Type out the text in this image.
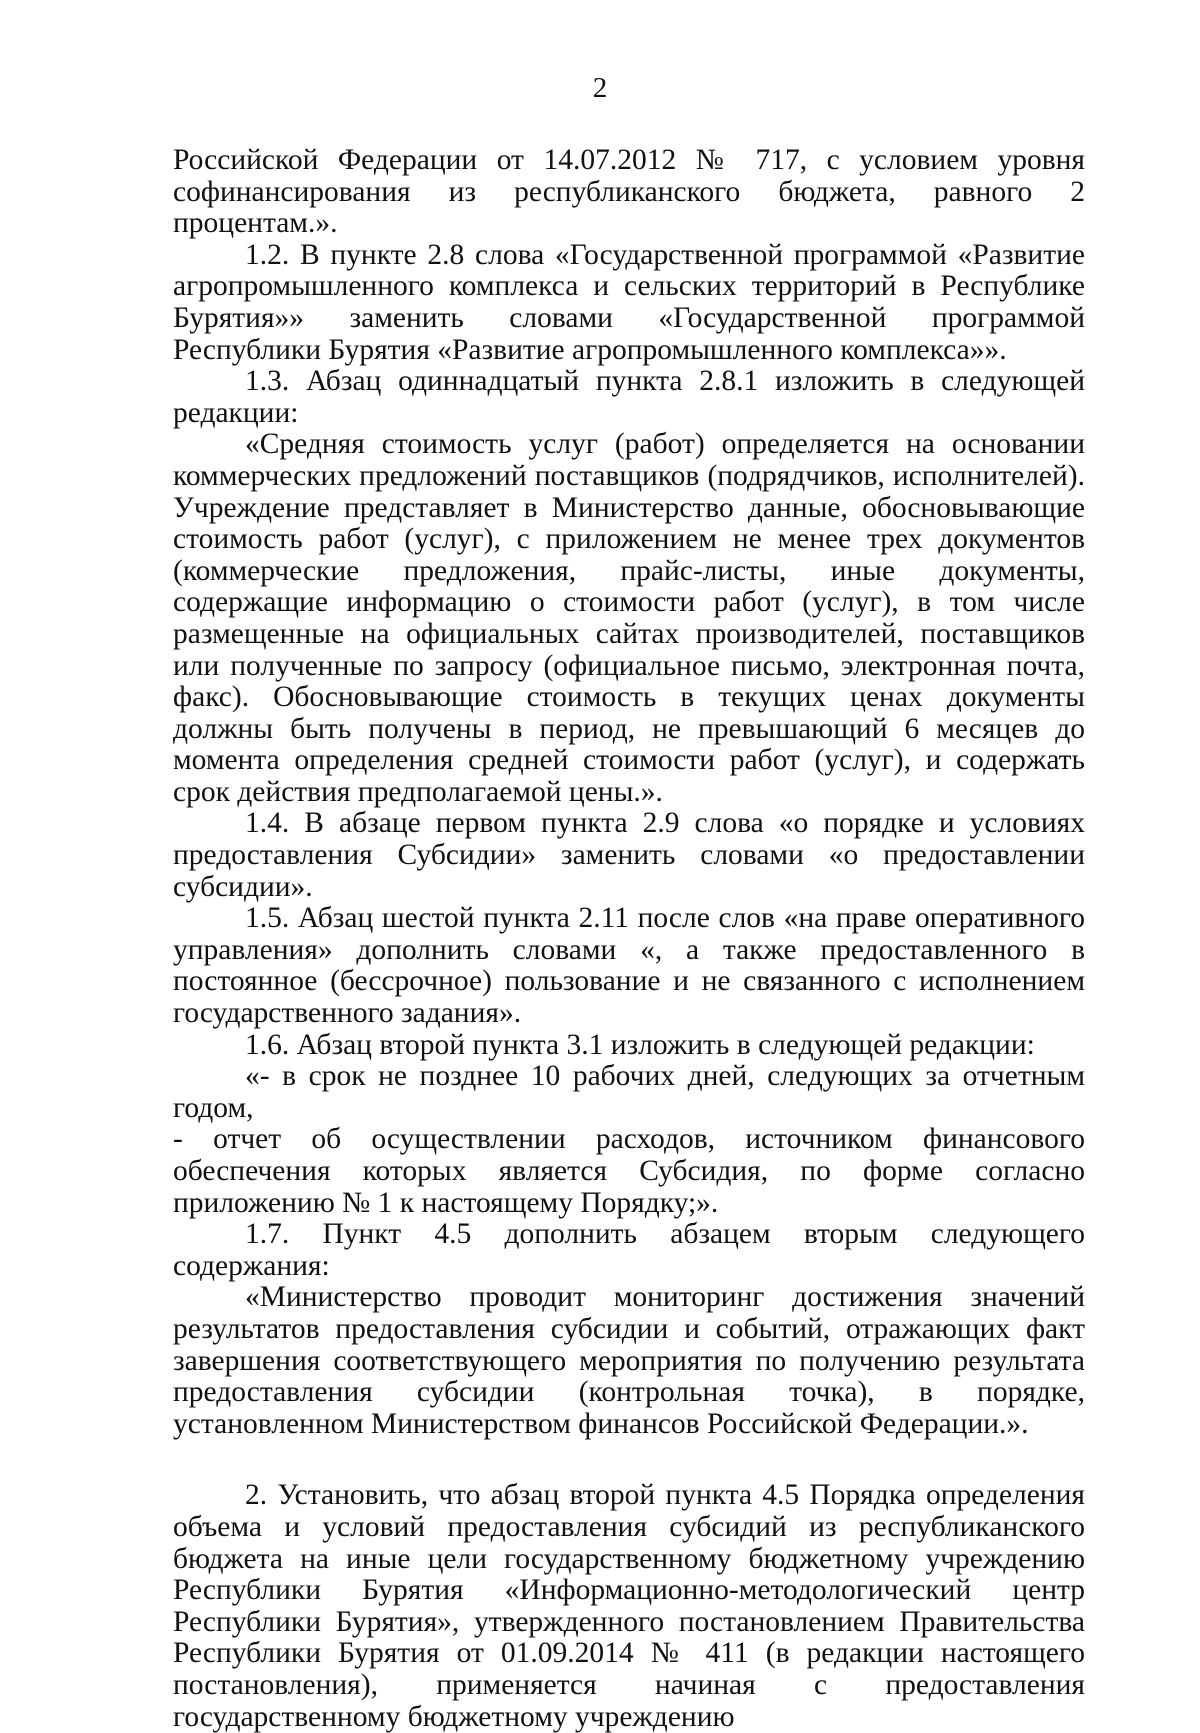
2

Российской Федерации от 14.07.2012 № 717, с условием уровня софинансирования из республиканского бюджета, равного 2 процентам.».

1.2. В пункте 2.8 слова «Государственной программой «Развитие агропромышленного комплекса и сельских территорий в Республике Бурятия»» заменить словами «Государственной программой Республики Бурятия «Развитие агропромышленного комплекса»».

1.3. Абзац одиннадцатый пункта 2.8.1 изложить в следующей редакции:

«Средняя стоимость услуг (работ) определяется на основании коммерческих предложений поставщиков (подрядчиков, исполнителей). Учреждение представляет в Министерство данные, обосновывающие стоимость работ (услуг), с приложением не менее трех документов (коммерческие предложения, прайс-листы, иные документы, содержащие информацию о стоимости работ (услуг), в том числе размещенные на официальных сайтах производителей, поставщиков или полученные по запросу (официальное письмо, электронная почта, факс). Обосновывающие стоимость в текущих ценах документы должны быть получены в период, не превышающий 6 месяцев до момента определения средней стоимости работ (услуг), и содержать срок действия предполагаемой цены.».

1.4. В абзаце первом пункта 2.9 слова «о порядке и условиях предоставления Субсидии» заменить словами «о предоставлении субсидии».

1.5. Абзац шестой пункта 2.11 после слов «на праве оперативного управления» дополнить словами «, а также предоставленного в постоянное (бессрочное) пользование и не связанного с исполнением государственного задания».

1.6. Абзац второй пункта 3.1 изложить в следующей редакции:

«- в срок не позднее 10 рабочих дней, следующих за отчетным годом,

- отчет об осуществлении расходов, источником финансового обеспечения которых является Субсидия, по форме согласно приложению № 1 к настоящему Порядку;».

1.7. Пункт 4.5 дополнить абзацем вторым следующего содержания:

«Министерство проводит мониторинг достижения значений результатов предоставления субсидии и событий, отражающих факт завершения соответствующего мероприятия по получению результата предоставления субсидии (контрольная точка), в порядке, установленном Министерством финансов Российской Федерации.».

2. Установить, что абзац второй пункта 4.5 Порядка определения объема и условий предоставления субсидий из республиканского бюджета на иные цели государственному бюджетному учреждению Республики Бурятия «Информационно-методологический центр Республики Бурятия», утвержденного постановлением Правительства Республики Бурятия от 01.09.2014 № 411 (в редакции настоящего постановления), применяется начиная с предоставления государственному бюджетному учреждению
